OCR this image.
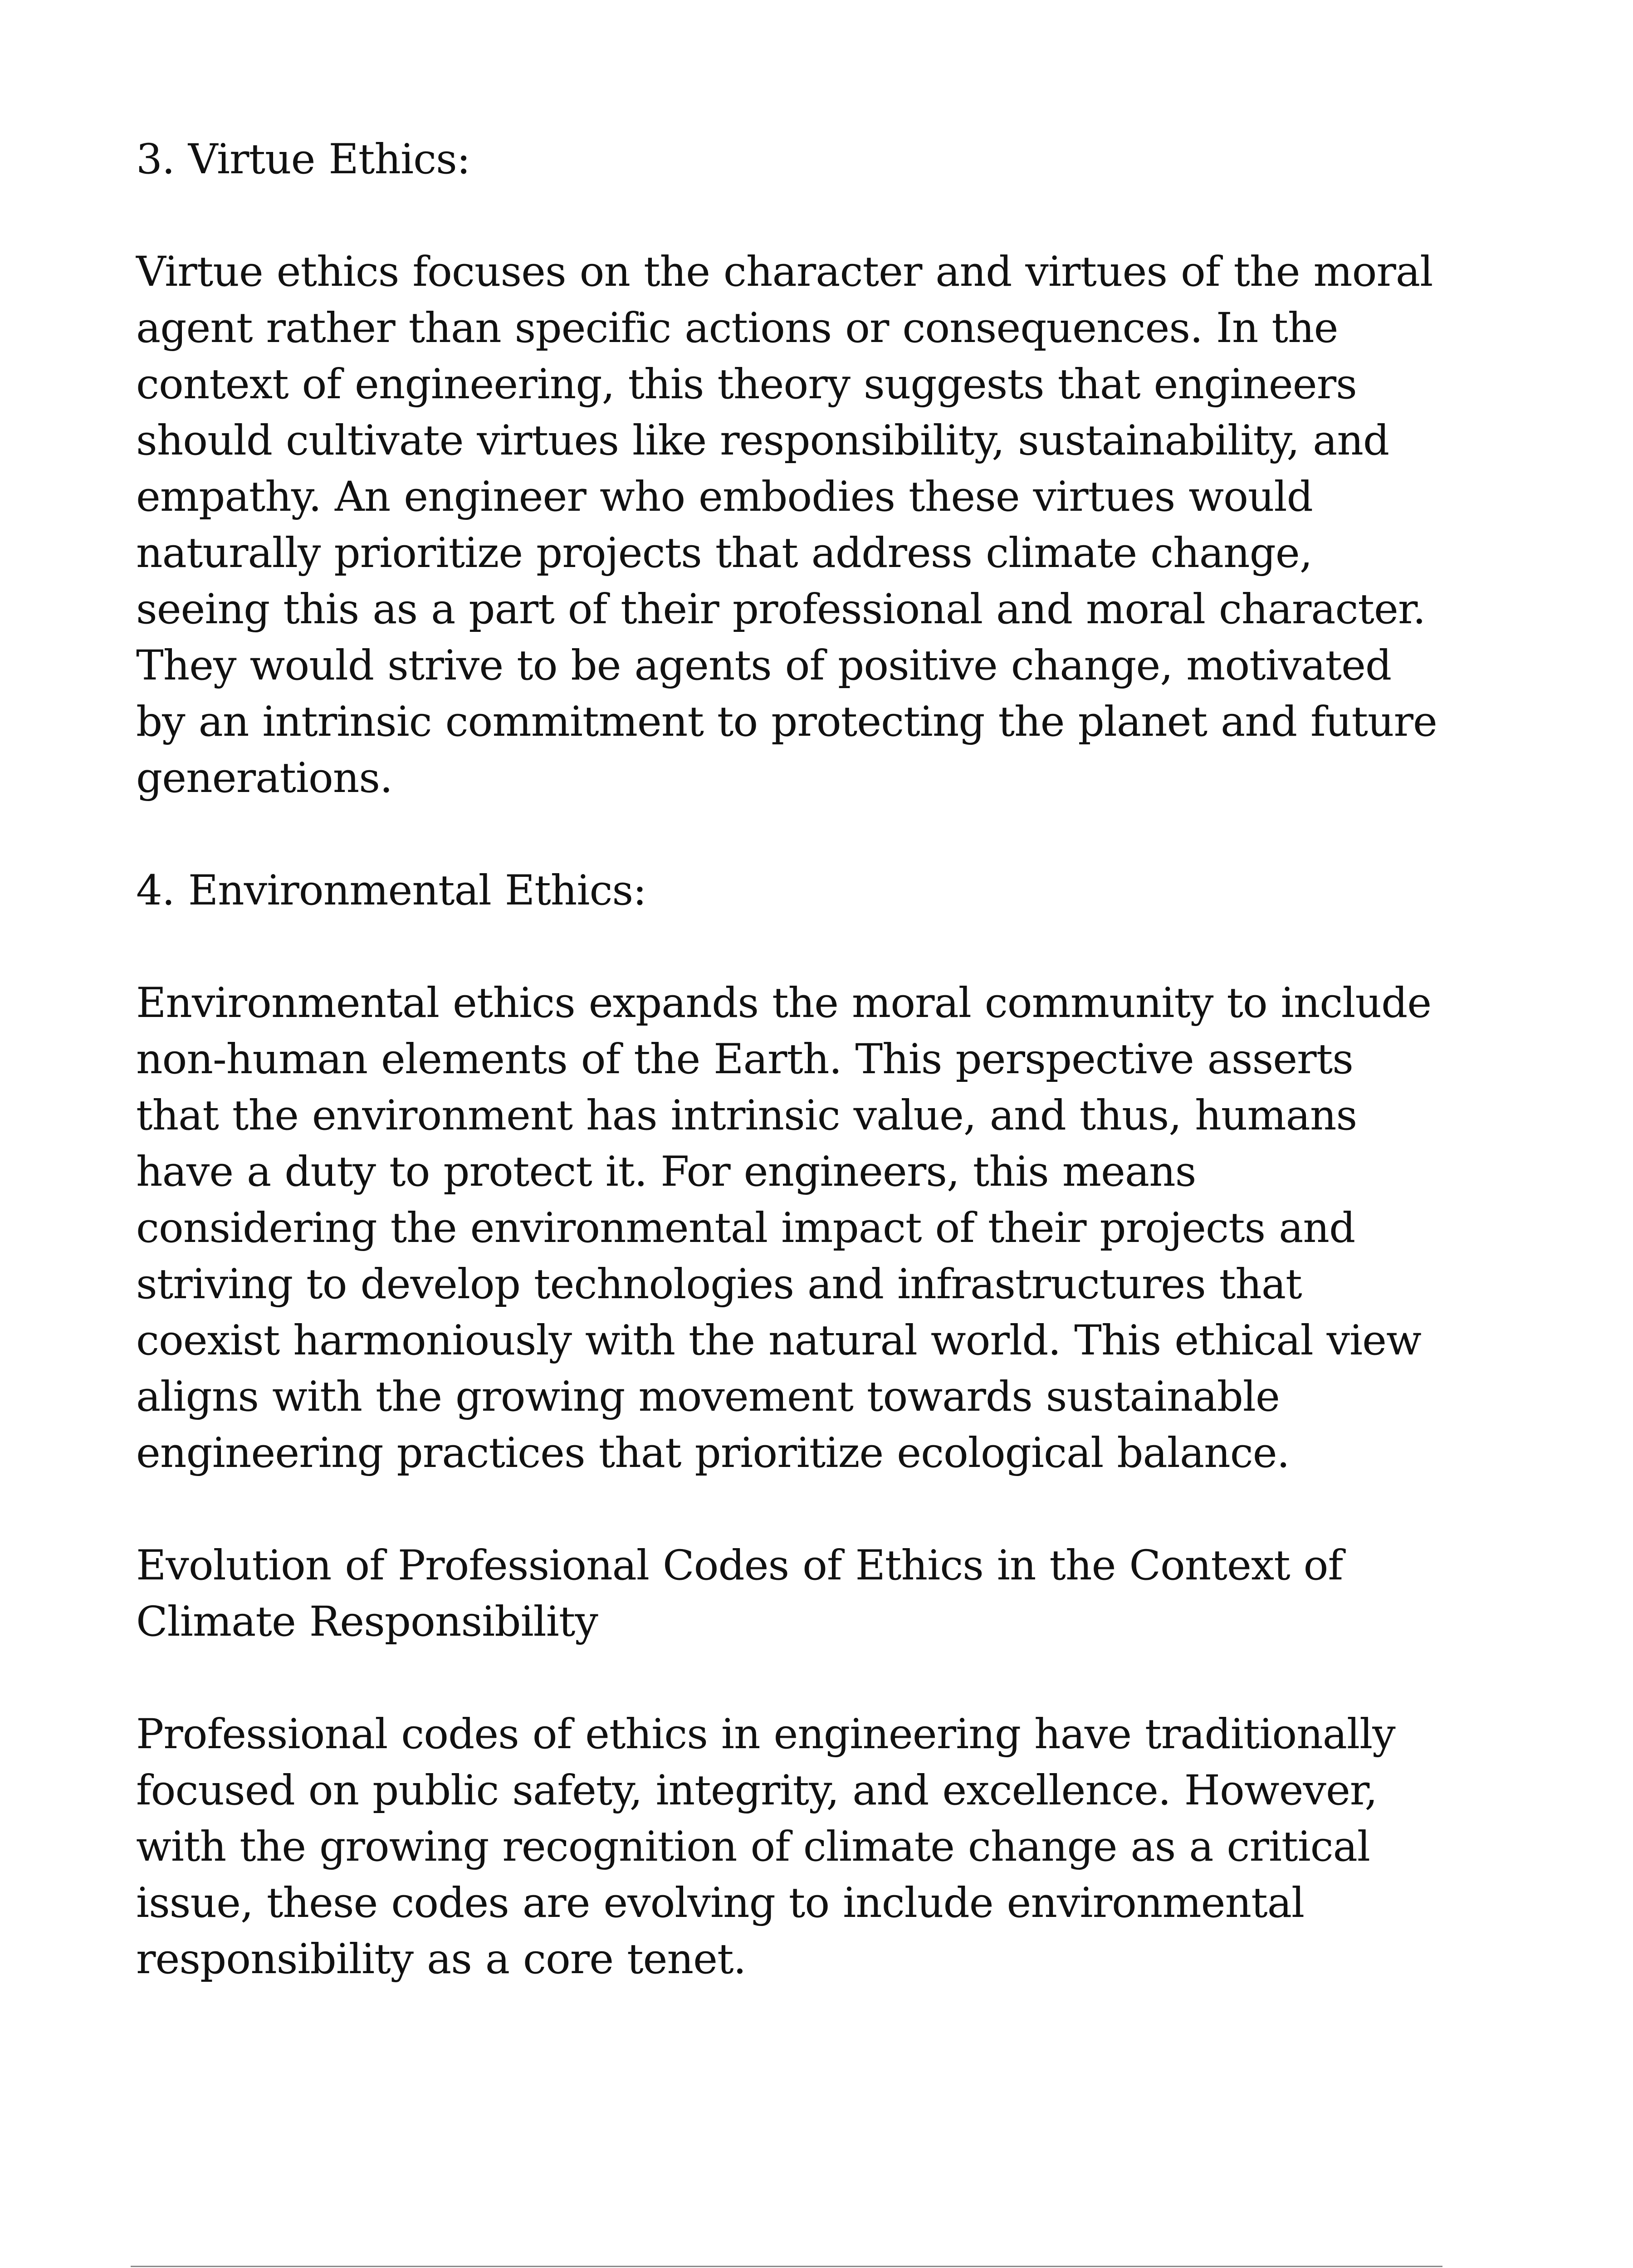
3. Virtue Ethics:

Virtue ethics focuses on the character and virtues of the moral agent rather than specific actions or consequences. In the context of engineering, this theory suggests that engineers should cultivate virtues like responsibility, sustainability, and empathy. An engineer who embodies these virtues would naturally prioritize projects that address climate change, seeing this as a part of their professional and moral character. They would strive to be agents of positive change, motivated by an intrinsic commitment to protecting the planet and future generations.

4. Environmental Ethics:

Environmental ethics expands the moral community to include non-human elements of the Earth. This perspective asserts that the environment has intrinsic value, and thus, humans have a duty to protect it. For engineers, this means considering the environmental impact of their projects and striving to develop technologies and infrastructures that coexist harmoniously with the natural world. This ethical view aligns with the growing movement towards sustainable engineering practices that prioritize ecological balance.

Evolution of Professional Codes of Ethics in the Context of Climate Responsibility

Professional codes of ethics in engineering have traditionally focused on public safety, integrity, and excellence. However, with the growing recognition of climate change as a critical issue, these codes are evolving to include environmental responsibility as a core tenet.
